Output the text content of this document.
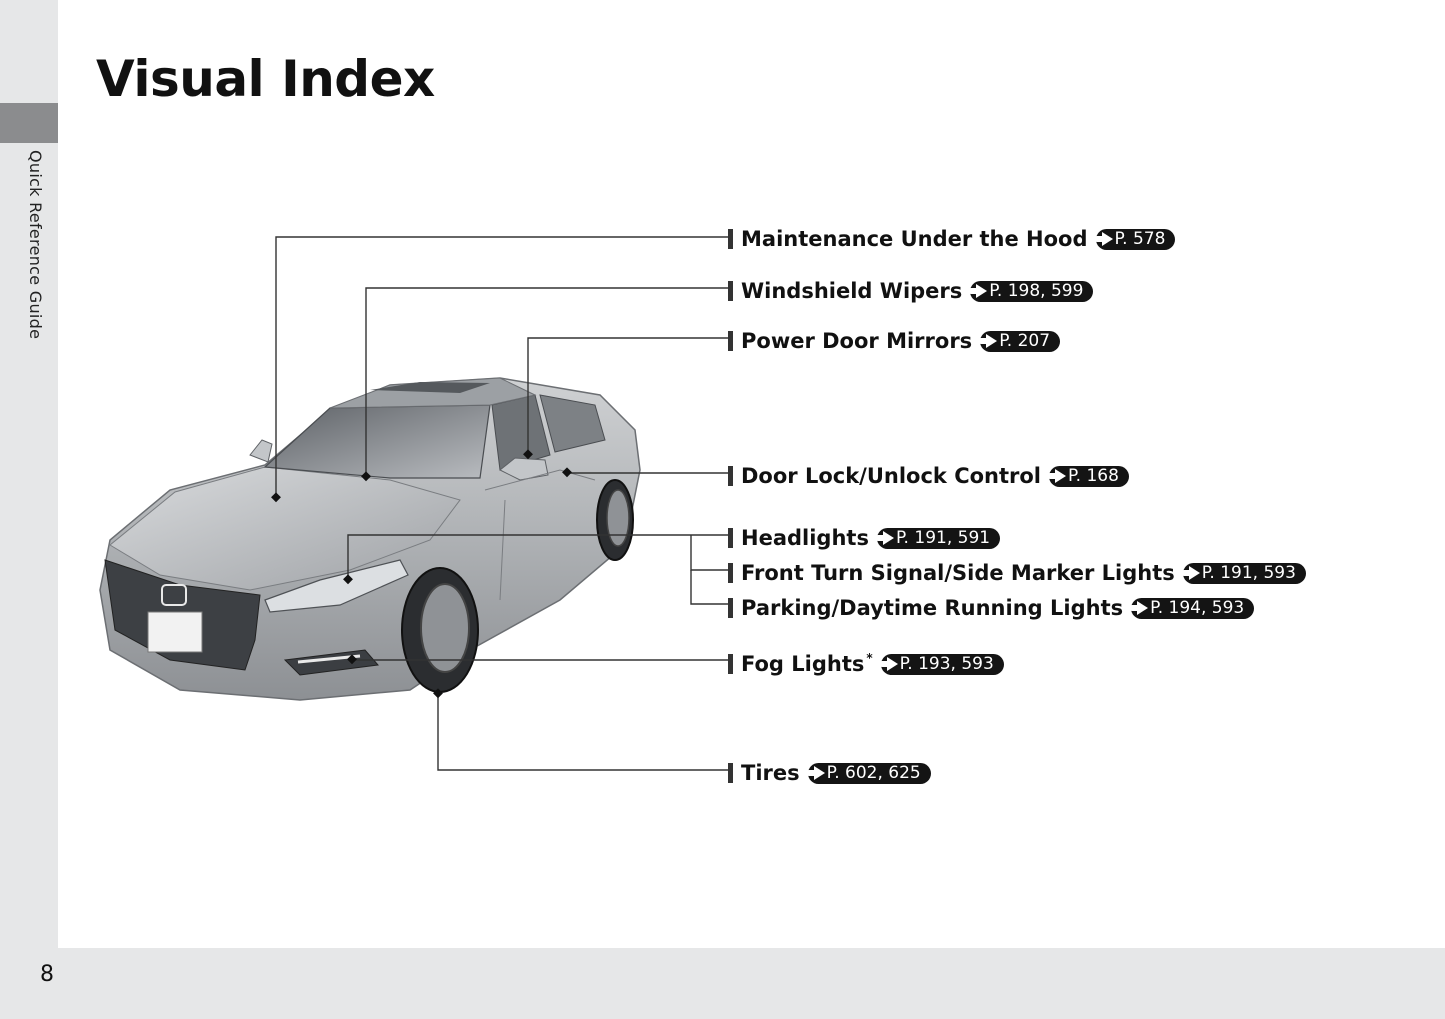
Quick Reference Guide
8
Visual Index
Maintenance Under the Hood P.
578
Windshield Wipers P.
198, 599
Power Door Mirrors P.
207
Door Lock/Unlock Control P.
168
Headlights P.
191, 591
Front Turn Signal/Side Marker Lights P.
191, 593
Parking/Daytime Running Lights P.
194, 593
Fog Lights * P.
193, 593
Tires P.
602, 625
